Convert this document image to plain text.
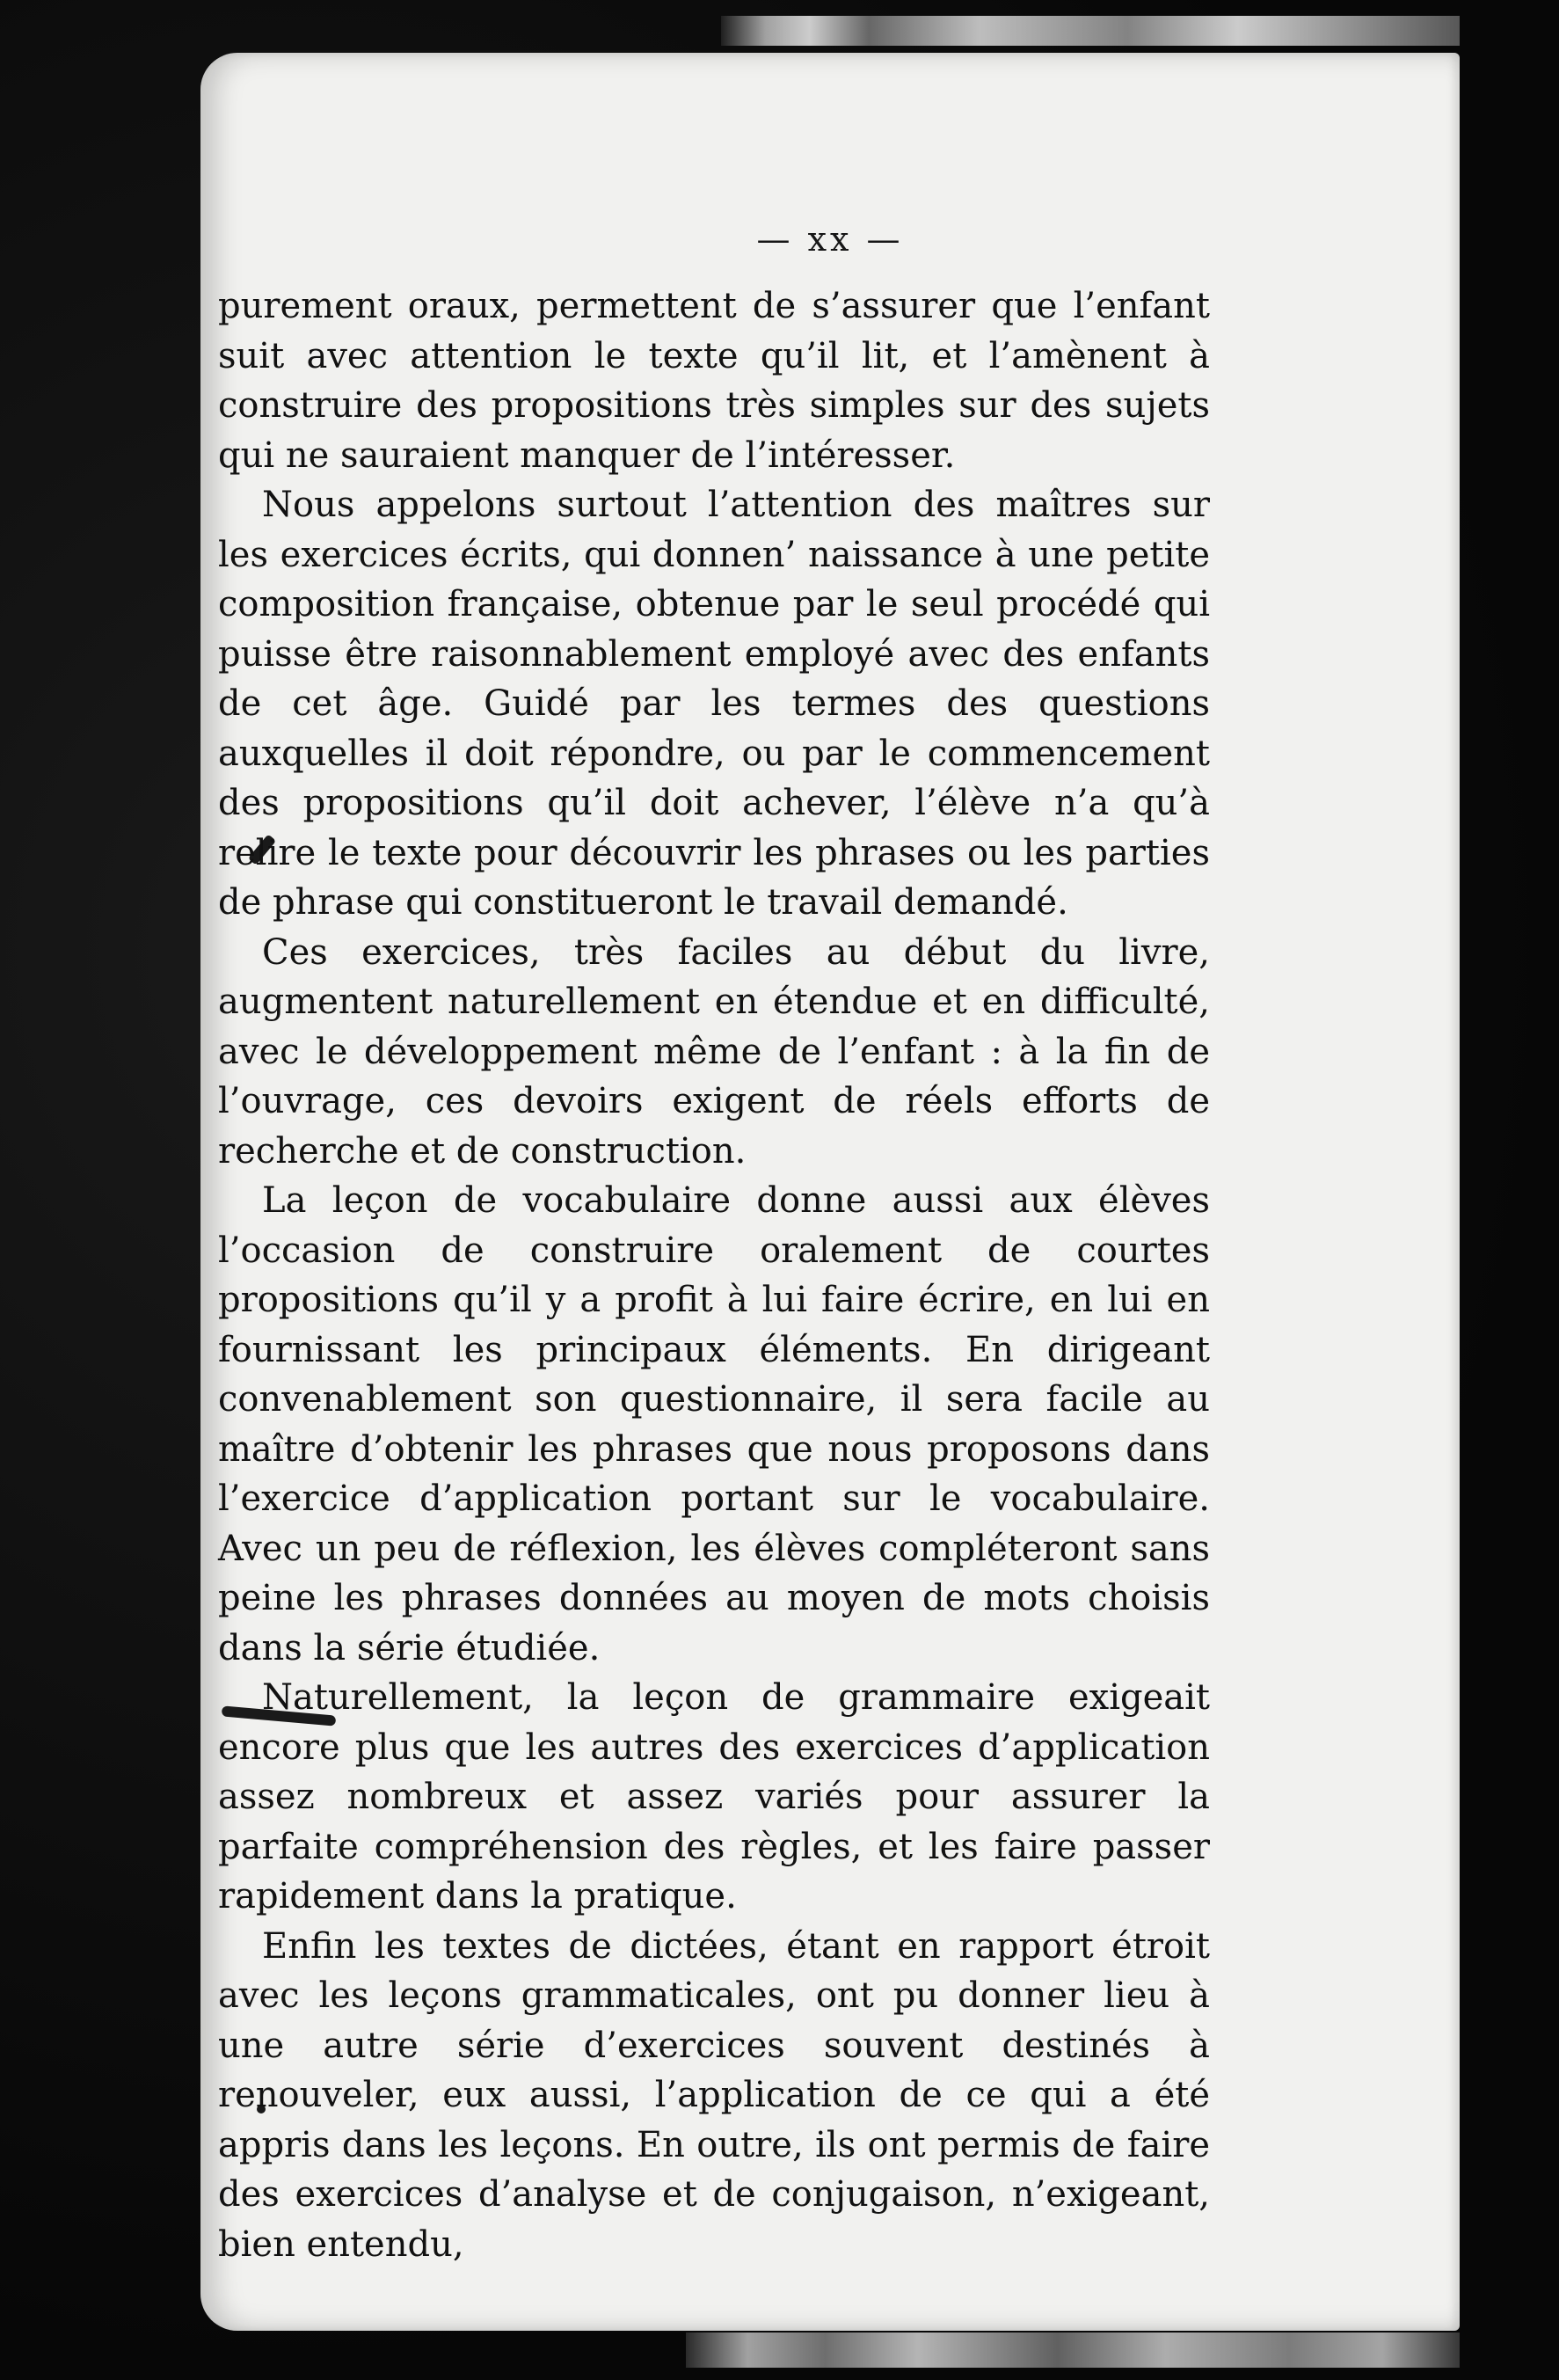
— xx —

purement oraux, permettent de s’assurer que l’enfant suit avec attention le texte qu’il lit, et l’amènent à construire des propositions très simples sur des sujets qui ne sauraient manquer de l’intéresser.

Nous appelons surtout l’attention des maîtres sur les exercices écrits, qui donnen’ naissance à une petite composition française, obtenue par le seul procédé qui puisse être raisonnablement employé avec des enfants de cet âge. Guidé par les termes des questions auxquelles il doit répondre, ou par le commencement des propositions qu’il doit achever, l’élève n’a qu’à relire le texte pour découvrir les phrases ou les parties de phrase qui constitueront le travail demandé.

Ces exercices, très faciles au début du livre, augmentent naturellement en étendue et en difficulté, avec le développement même de l’enfant : à la fin de l’ouvrage, ces devoirs exigent de réels efforts de recherche et de construction.

La leçon de vocabulaire donne aussi aux élèves l’occasion de construire oralement de courtes propositions qu’il y a profit à lui faire écrire, en lui en fournissant les principaux éléments. En dirigeant convenablement son questionnaire, il sera facile au maître d’obtenir les phrases que nous proposons dans l’exercice d’application portant sur le vocabulaire. Avec un peu de réflexion, les élèves compléteront sans peine les phrases données au moyen de mots choisis dans la série étudiée.

Naturellement, la leçon de grammaire exigeait encore plus que les autres des exercices d’application assez nombreux et assez variés pour assurer la parfaite compréhension des règles, et les faire passer rapidement dans la pratique.

Enfin les textes de dictées, étant en rapport étroit avec les leçons grammaticales, ont pu donner lieu à une autre série d’exercices souvent destinés à renouveler, eux aussi, l’application de ce qui a été appris dans les leçons. En outre, ils ont permis de faire des exercices d’analyse et de conjugaison, n’exigeant, bien entendu,
